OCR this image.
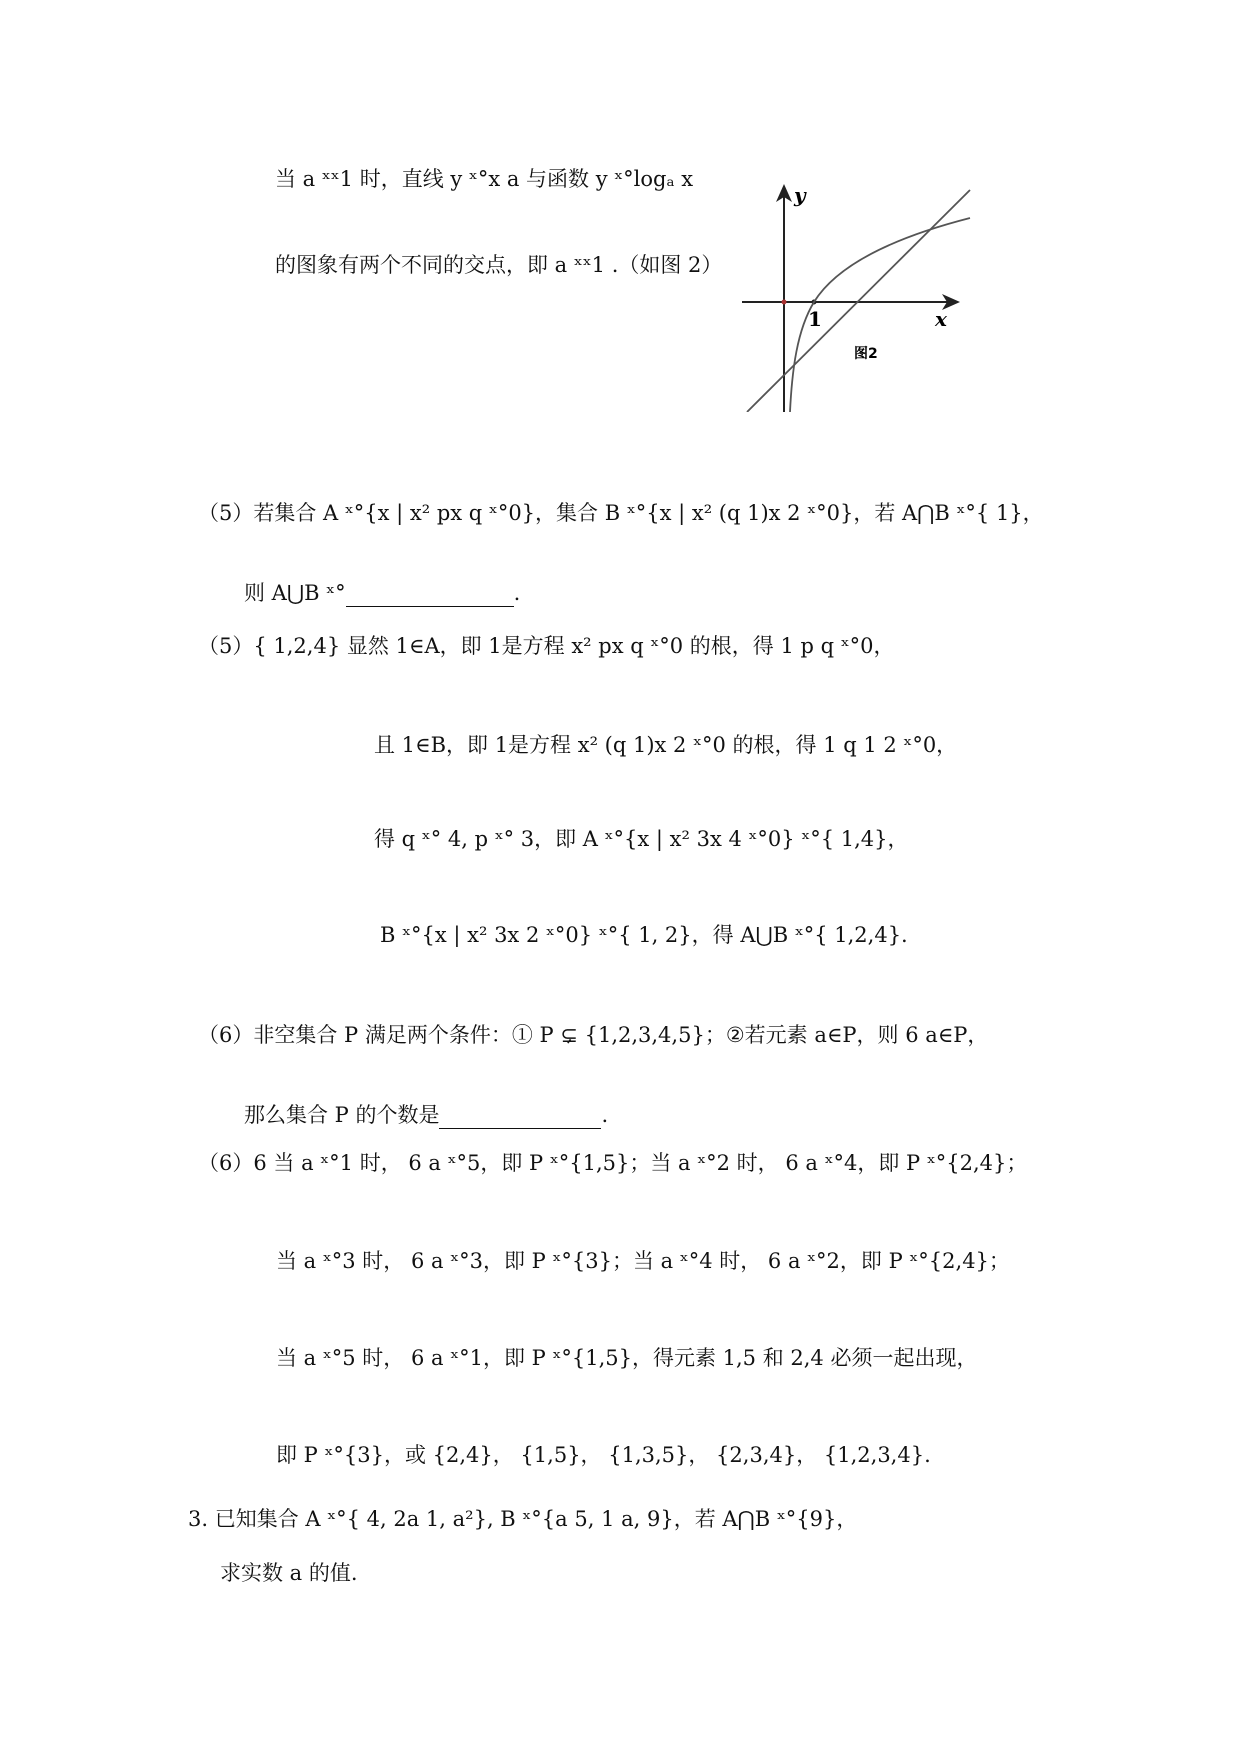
当 a ˣˣ1 时，直线 y ˣ°x a 与函数 y ˣ°logₐ x
的图象有两个不同的交点，即 a ˣˣ1 .（如图 2）
y
x
1
图2
（5）若集合 A ˣ°{x | x² px q ˣ°0}，集合 B ˣ°{x | x² (q 1)x 2 ˣ°0}，若 A⋂B ˣ°{ 1}，
则 A⋃B ˣ°	.
（5）{ 1,2,4} 显然 1∈A，即 1是方程 x² px q ˣ°0 的根，得 1 p q ˣ°0，
且 1∈B，即 1是方程 x² (q 1)x 2 ˣ°0 的根，得 1 q 1 2 ˣ°0，
得 q ˣ° 4, p ˣ° 3，即 A ˣ°{x | x² 3x 4 ˣ°0} ˣ°{ 1,4}，
B ˣ°{x | x² 3x 2 ˣ°0} ˣ°{ 1, 2}，得 A⋃B ˣ°{ 1,2,4}.
（6）非空集合 P 满足两个条件：① P ⊊ {1,2,3,4,5}；②若元素 a∈P，则 6 a∈P，
那么集合 P 的个数是	.
（6）6 当 a ˣ°1 时， 6 a ˣ°5，即 P ˣ°{1,5}；当 a ˣ°2 时， 6 a ˣ°4，即 P ˣ°{2,4}；
当 a ˣ°3 时， 6 a ˣ°3，即 P ˣ°{3}；当 a ˣ°4 时， 6 a ˣ°2，即 P ˣ°{2,4}；
当 a ˣ°5 时， 6 a ˣ°1，即 P ˣ°{1,5}，得元素 1,5 和 2,4 必须一起出现，
即 P ˣ°{3}，或 {2,4}， {1,5}， {1,3,5}， {2,3,4}， {1,2,3,4}.
3. 已知集合 A ˣ°{ 4, 2a 1, a²}, B ˣ°{a 5, 1 a, 9}，若 A⋂B ˣ°{9}，
求实数 a 的值.
